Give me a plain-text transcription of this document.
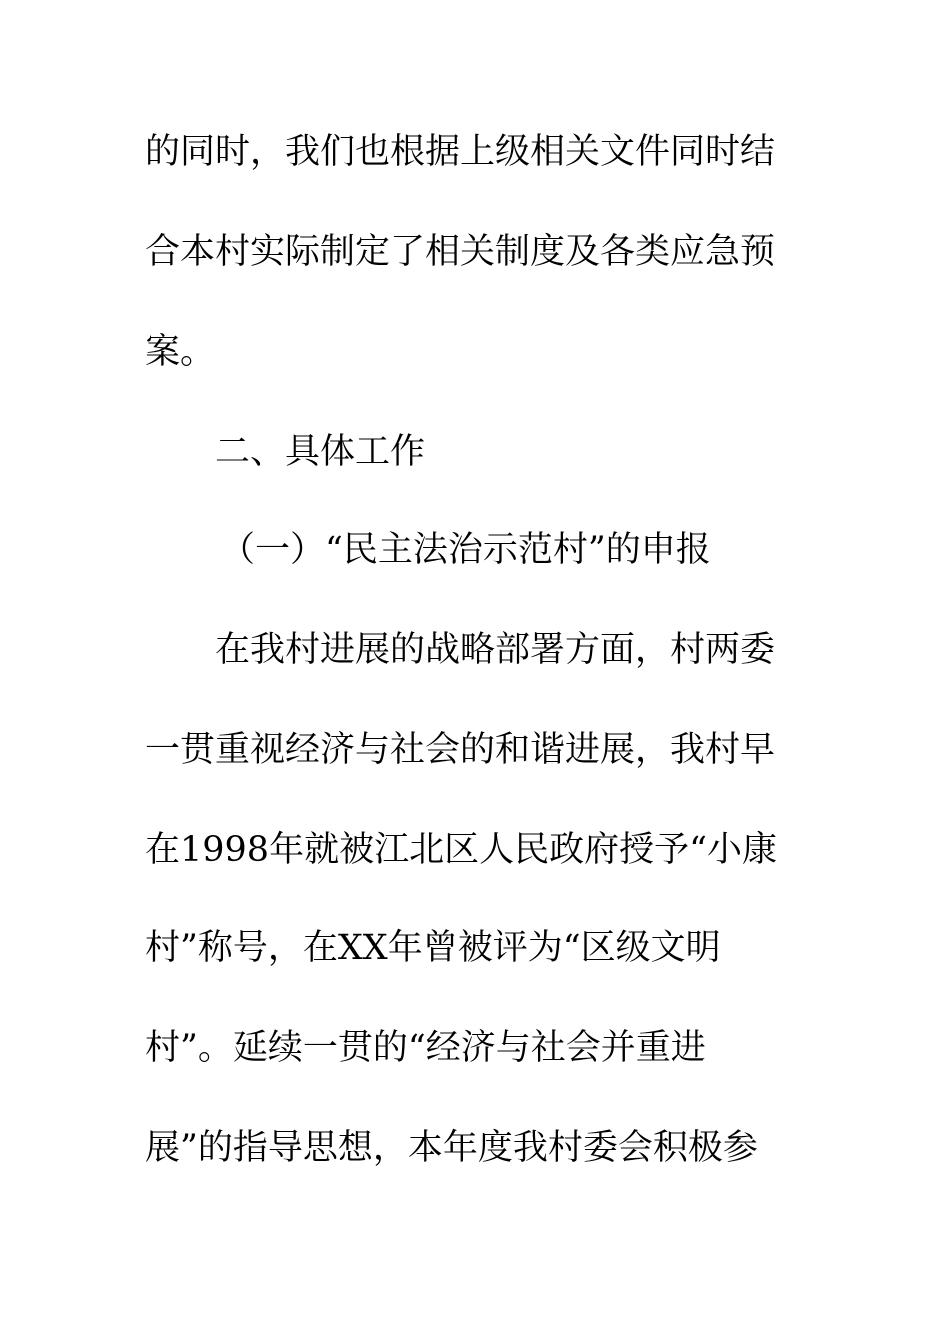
的同时，我们也根据上级相关文件同时结
合本村实际制定了相关制度及各类应急预
案。
二、具体工作
（一）“民主法治示范村”的申报
在我村进展的战略部署方面，村两委
一贯重视经济与社会的和谐进展，我村早
在1998年就被江北区人民政府授予“小康
村”称号，在XX年曾被评为“区级文明
村”。延续一贯的“经济与社会并重进
展”的指导思想，本年度我村委会积极参
